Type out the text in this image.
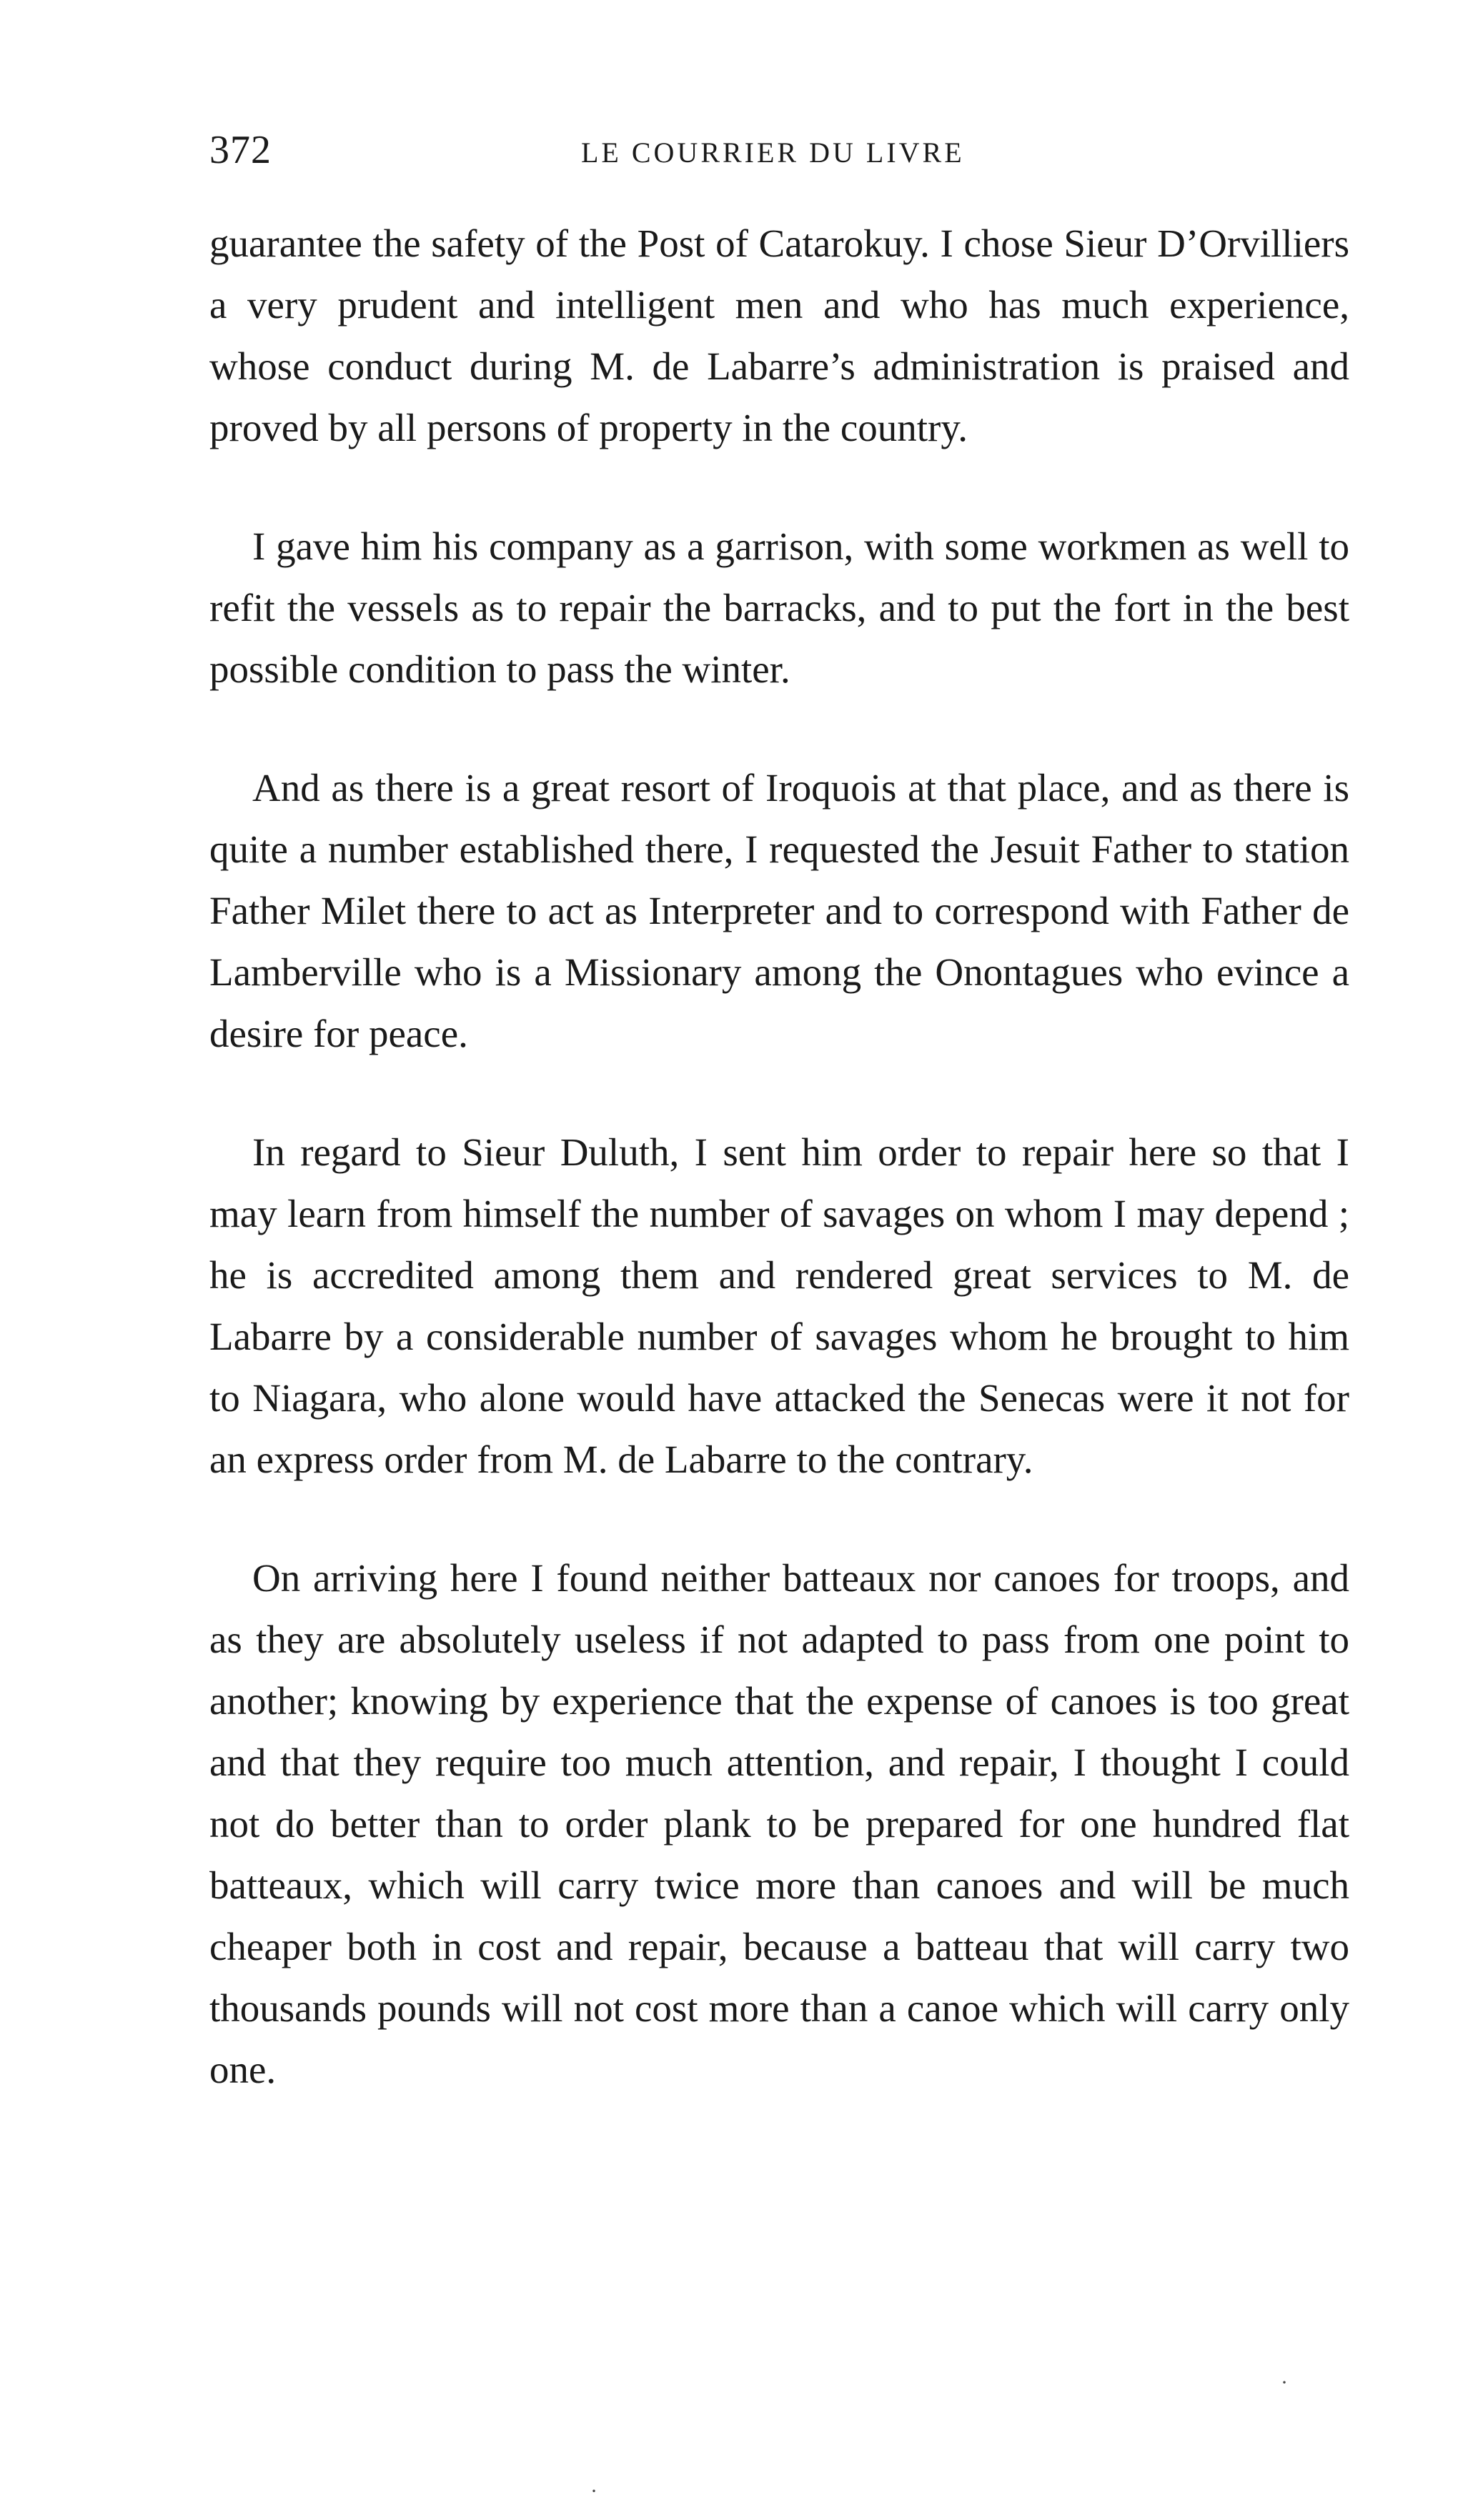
372	LE COURRIER DU LIVRE

guarantee the safety of the Post of Catarokuy. I chose Sieur D’Orvilliers a very prudent and intelligent men and who has much experience, whose conduct during M. de Labarre’s administration is praised and proved by all persons of property in the country.

I gave him his company as a garrison, with some workmen as well to refit the vessels as to repair the barracks, and to put the fort in the best possible condition to pass the winter.

And as there is a great resort of Iroquois at that place, and as there is quite a number established there, I requested the Jesuit Father to station Father Milet there to act as Interpreter and to correspond with Father de Lamberville who is a Missionary among the Onontagues who evince a desire for peace.

In regard to Sieur Duluth, I sent him order to repair here so that I may learn from himself the number of savages on whom I may depend ; he is accredited among them and rendered great services to M. de Labarre by a considerable number of savages whom he brought to him to Niagara, who alone would have attacked the Senecas were it not for an express order from M. de Labarre to the contrary.

On arriving here I found neither batteaux nor canoes for troops, and as they are absolutely useless if not adapted to pass from one point to another; knowing by experience that the expense of canoes is too great and that they require too much attention, and repair, I thought I could not do better than to order plank to be prepared for one hundred flat batteaux, which will carry twice more than canoes and will be much cheaper both in cost and repair, because a batteau that will carry two thousands pounds will not cost more than a canoe which will carry only one.

·
·
